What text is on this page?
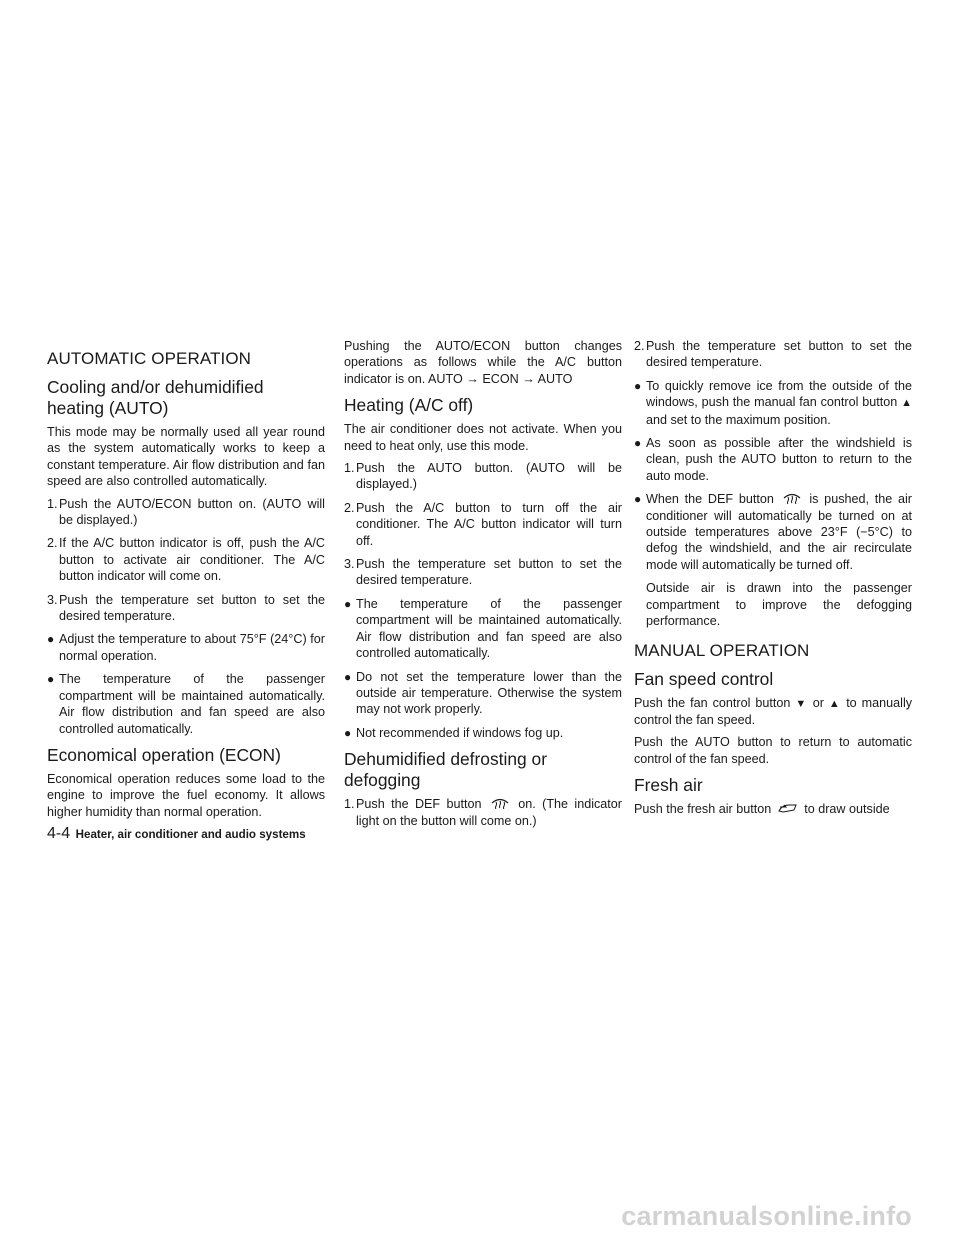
AUTOMATIC OPERATION
Cooling and/or dehumidified heating (AUTO)

This mode may be normally used all year round as the system automatically works to keep a constant temperature. Air flow distribution and fan speed are also controlled automatically.

1. Push the AUTO/ECON button on. (AUTO will be displayed.)
2. If the A/C button indicator is off, push the A/C button to activate air conditioner. The A/C button indicator will come on.
3. Push the temperature set button to set the desired temperature.
● Adjust the temperature to about 75°F (24°C) for normal operation.
● The temperature of the passenger compartment will be maintained automatically. Air flow distribution and fan speed are also controlled automatically.
Economical operation (ECON)

Economical operation reduces some load to the engine to improve the fuel economy. It allows higher humidity than normal operation.

Pushing the AUTO/ECON button changes operations as follows while the A/C button indicator is on. AUTO → ECON → AUTO

Heating (A/C off)

The air conditioner does not activate. When you need to heat only, use this mode.

1. Push the AUTO button. (AUTO will be displayed.)
2. Push the A/C button to turn off the air conditioner. The A/C button indicator will turn off.
3. Push the temperature set button to set the desired temperature.
● The temperature of the passenger compartment will be maintained automatically. Air flow distribution and fan speed are also controlled automatically.
● Do not set the temperature lower than the outside air temperature. Otherwise the system may not work properly.
● Not recommended if windows fog up.
Dehumidified defrosting or defogging
1. Push the DEF button	on. (The indicator light on the button will come on.)
2. Push the temperature set button to set the desired temperature.
● To quickly remove ice from the outside of the windows, push the manual fan control button ▲ and set to the maximum position.
● As soon as possible after the windshield is clean, push the AUTO button to return to the auto mode.
● When the DEF button	is pushed, the air conditioner will automatically be turned on at outside temperatures above 23°F (−5°C) to defog the windshield, and the air recirculate mode will automatically be turned off.

Outside air is drawn into the passenger compartment to improve the defogging performance.

MANUAL OPERATION
Fan speed control

Push the fan control button ▼ or ▲ to manually control the fan speed.

Push the AUTO button to return to automatic control of the fan speed.

Fresh air

Push the fresh air button	to draw outside

4-4 Heater, air conditioner and audio systems
carmanualsonline.info
